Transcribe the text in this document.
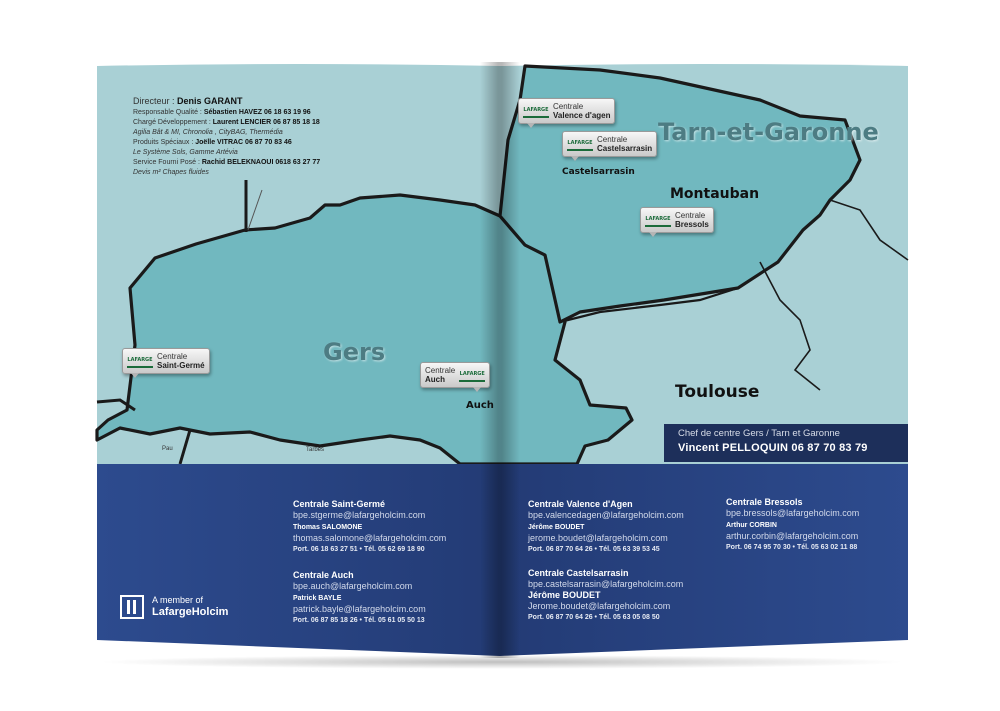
Directeur : Denis GARANT
Responsable Qualité : Sébastien HAVEZ 06 18 63 19 96
Chargé Développement : Laurent LENCIER 06 87 85 18 18
Agilia Bât & MI, Chronolia , CityBAG, Thermédia
Produits Spéciaux : Joëlle VITRAC 06 87 70 83 46
Le Système Sols, Gamme Artévia
Service Fourni Posé : Rachid BELEKNAOUI 0618 63 27 77
Devis m² Chapes fluides
Gers
Tarn-et-Garonne
Montauban
Castelsarrasin
Toulouse
Auch
Pau	Tarbes
LAFARGE Centrale
Saint-Germé
LAFARGE
Centrale
Auch
LAFARGE Centrale
Valence d'agen
LAFARGE Centrale
Castelsarrasin
LAFARGE Centrale
Bressols
Chef de centre Gers / Tarn et Garonne
Vincent PELLOQUIN 06 87 70 83 79
A member of
LafargeHolcim
Centrale Saint-Germé
bpe.stgerme@lafargeholcim.com
Thomas SALOMONE
thomas.salomone@lafargeholcim.com
Port. 06 18 63 27 51 • Tél. 05 62 69 18 90
Centrale Auch
bpe.auch@lafargeholcim.com
Patrick BAYLE
patrick.bayle@lafargeholcim.com
Port. 06 87 85 18 26 • Tél. 05 61 05 50 13
Centrale Valence d'Agen
bpe.valencedagen@lafargeholcim.com
Jérôme BOUDET
jerome.boudet@lafargeholcim.com
Port. 06 87 70 64 26 • Tél. 05 63 39 53 45
Centrale Castelsarrasin
bpe.castelsarrasin@lafargeholcim.com
Jérôme BOUDET
Jerome.boudet@lafargeholcim.com
Port. 06 87 70 64 26 • Tél. 05 63 05 08 50
Centrale Bressols
bpe.bressols@lafargeholcim.com
Arthur CORBIN
arthur.corbin@lafargeholcim.com
Port. 06 74 95 70 30 • Tél. 05 63 02 11 88
